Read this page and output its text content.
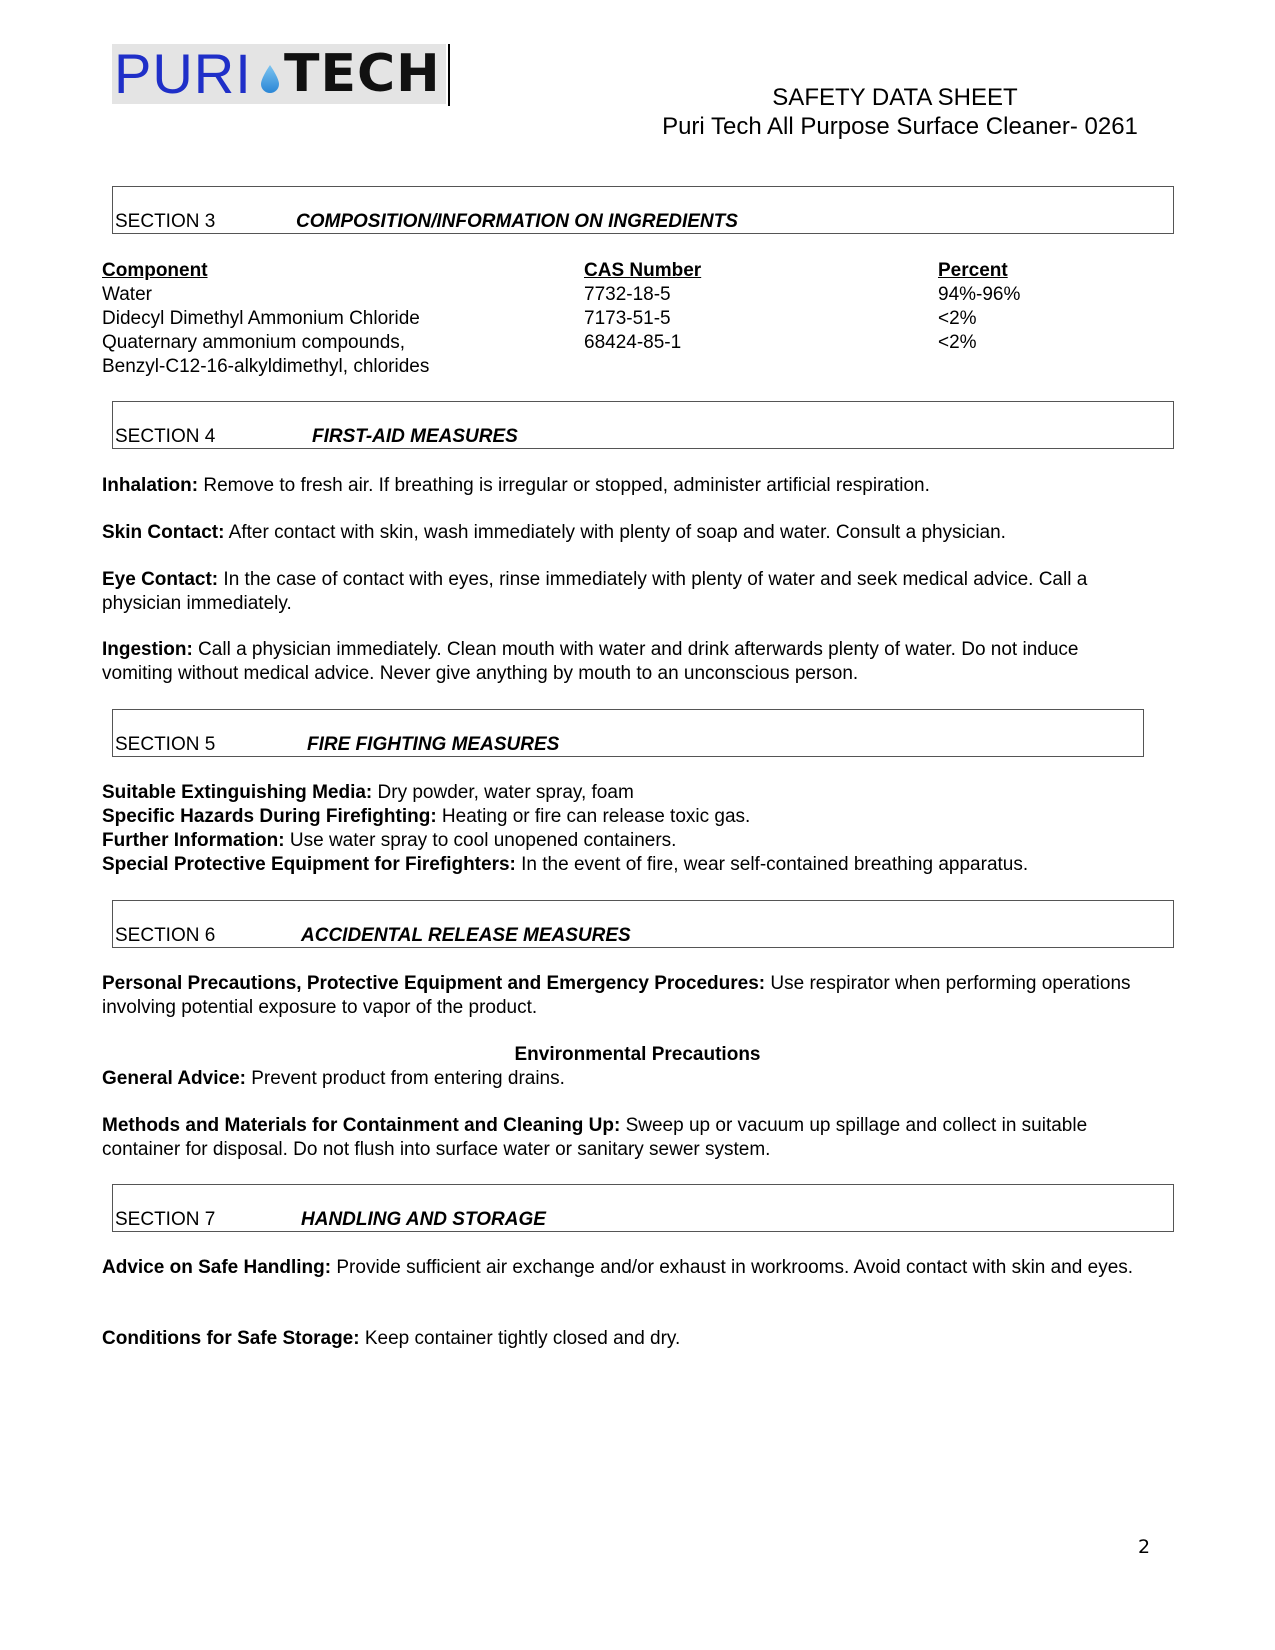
PURI TECH	SAFETY DATA SHEET
Puri Tech All Purpose Surface Cleaner- 0261
SECTION 3	COMPOSITION/INFORMATION ON INGREDIENTS
Component	CAS Number	Percent
Water	7732-18-5	94%-96%
Didecyl Dimethyl Ammonium Chloride	7173-51-5	<2%
Quaternary ammonium compounds,	68424-85-1	<2%
Benzyl-C12-16-alkyldimethyl, chlorides
SECTION 4	FIRST-AID MEASURES
Inhalation: Remove to fresh air. If breathing is irregular or stopped, administer artificial respiration.
Skin Contact: After contact with skin, wash immediately with plenty of soap and water. Consult a physician.
Eye Contact: In the case of contact with eyes, rinse immediately with plenty of water and seek medical advice. Call a physician immediately.
Ingestion: Call a physician immediately. Clean mouth with water and drink afterwards plenty of water. Do not induce vomiting without medical advice. Never give anything by mouth to an unconscious person.
SECTION 5	FIRE FIGHTING MEASURES
Suitable Extinguishing Media: Dry powder, water spray, foam
Specific Hazards During Firefighting: Heating or fire can release toxic gas.
Further Information: Use water spray to cool unopened containers.
Special Protective Equipment for Firefighters: In the event of fire, wear self-contained breathing apparatus.
SECTION 6	ACCIDENTAL RELEASE MEASURES
Personal Precautions, Protective Equipment and Emergency Procedures: Use respirator when performing operations involving potential exposure to vapor of the product.
Environmental Precautions
General Advice: Prevent product from entering drains.
Methods and Materials for Containment and Cleaning Up: Sweep up or vacuum up spillage and collect in suitable container for disposal. Do not flush into surface water or sanitary sewer system.
SECTION 7	HANDLING AND STORAGE
Advice on Safe Handling: Provide sufficient air exchange and/or exhaust in workrooms. Avoid contact with skin and eyes.
Conditions for Safe Storage: Keep container tightly closed and dry.
2
